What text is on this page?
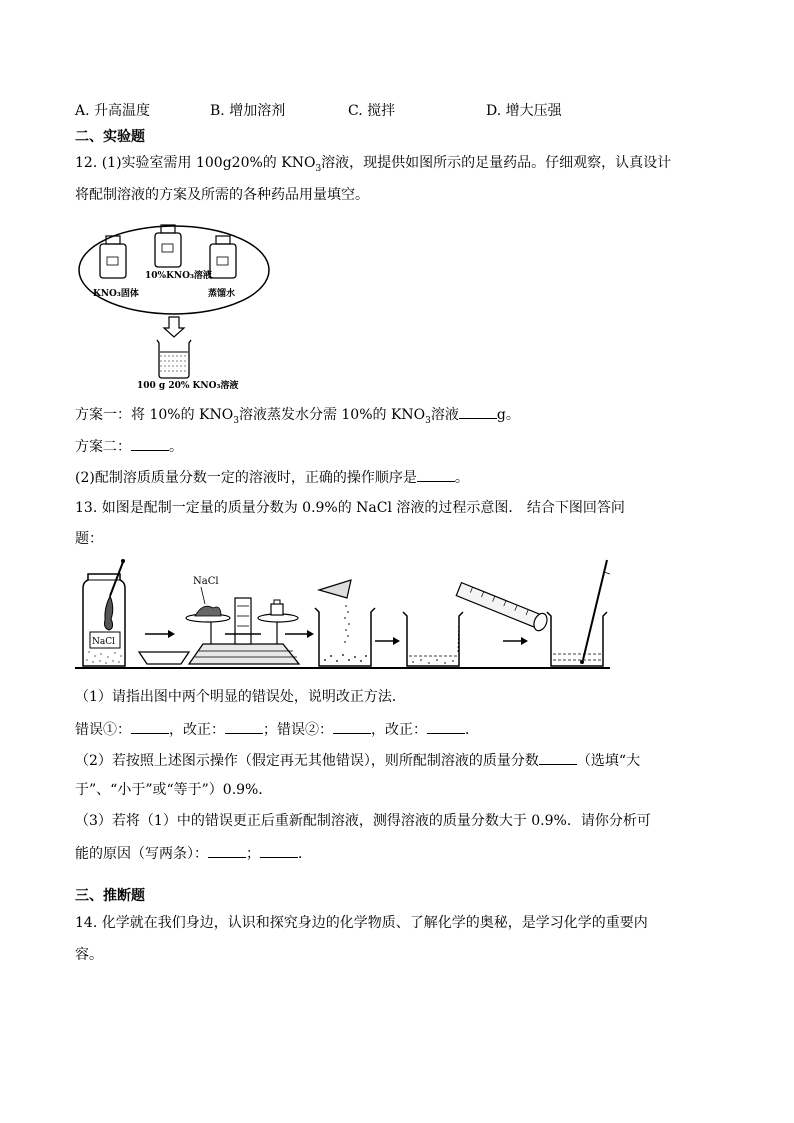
A. 升高温度	B. 增加溶剂	C. 搅拌	D. 增大压强
二、实验题
12. (1)实验室需用 100g20%的 $KNO_3$溶液，现提供如图所示的足量药品。仔细观察，认真设计
将配制溶液的方案及所需的各种药品用量填空。
10%KNO₃溶液
KNO₃固体	蒸馏水
100 g 20% KNO₃溶液
方案一：将 10%的 $KNO_3$溶液蒸发水分需 10%的 $KNO_3$溶液	g。
方案二：	。
(2)配制溶质质量分数一定的溶液时，正确的操作顺序是	。
13. 如图是配制一定量的质量分数为 0.9%的 NaCl 溶液的过程示意图． 结合下图回答问
题：
NaCl
NaCl
（1）请指出图中两个明显的错误处，说明改正方法．
错误①：	，改正：	；错误②：	，改正：	．
（2）若按照上述图示操作（假定再无其他错误），则所配制溶液的质量分数	（选填“大
于”、“小于”或“等于”）0.9%．
（3）若将（1）中的错误更正后重新配制溶液，测得溶液的质量分数大于 0.9%．请你分析可
能的原因（写两条）：	；	．
三、推断题
14. 化学就在我们身边，认识和探究身边的化学物质、了解化学的奥秘，是学习化学的重要内
容。
